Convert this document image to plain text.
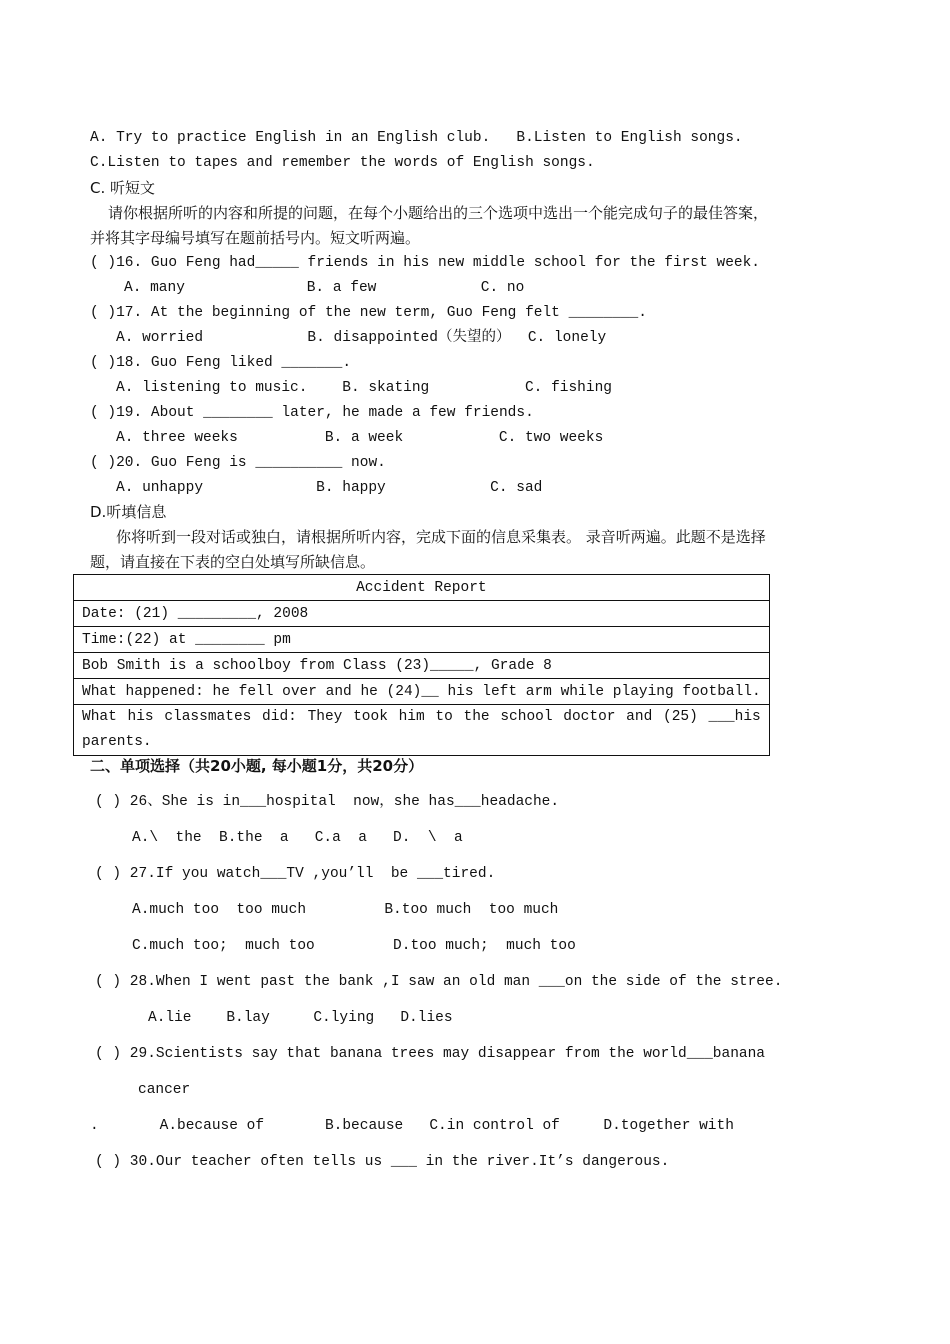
A. Try to practice English in an English club.   B.Listen to English songs.
C.Listen to tapes and remember the words of English songs.
C. 听短文
请你根据所听的内容和所提的问题，在每个小题给出的三个选项中选出一个能完成句子的最佳答案，
并将其字母编号填写在题前括号内。短文听两遍。
( )16. Guo Feng had_____ friends in his new middle school for the first week.
A. many              B. a few            C. no
( )17. At the beginning of the new term, Guo Feng felt ________.
A. worried            B. disappointed（失望的）  C. lonely
( )18. Guo Feng liked _______.
A. listening to music.    B. skating           C. fishing
( )19. About ________ later, he made a few friends.
A. three weeks          B. a week           C. two weeks
( )20. Guo Feng is __________ now.
A. unhappy             B. happy            C. sad
D.听填信息
你将听到一段对话或独白，请根据所听内容，完成下面的信息采集表。 录音听两遍。此题不是选择
题，请直接在下表的空白处填写所缺信息。
Accident Report
Date: (21) _________, 2008
Time:(22) at ________ pm
Bob Smith is a schoolboy from Class (23)_____, Grade 8
What happened: he fell over and he (24)__ his left arm while playing football.
What his classmates did: They took him to the school doctor and (25) ___his parents.
二、单项选择（共20小题, 每小题1分，共20分）
( ) 26、She is in___hospital  now，she has___headache.
A.\  the  B.the  a   C.a  a   D.  \  a
( ) 27.If you watch___TV ,you’ll  be ___tired.
A.much too  too much         B.too much  too much
C.much too;  much too         D.too much;  much too
( ) 28.When I went past the bank ,I saw an old man ___on the side of the stree.
A.lie    B.lay     C.lying   D.lies
( ) 29.Scientists say that banana trees may disappear from the world___banana
cancer
.       A.because of       B.because   C.in control of     D.together with
( ) 30.Our teacher often tells us ___ in the river.It’s dangerous.
